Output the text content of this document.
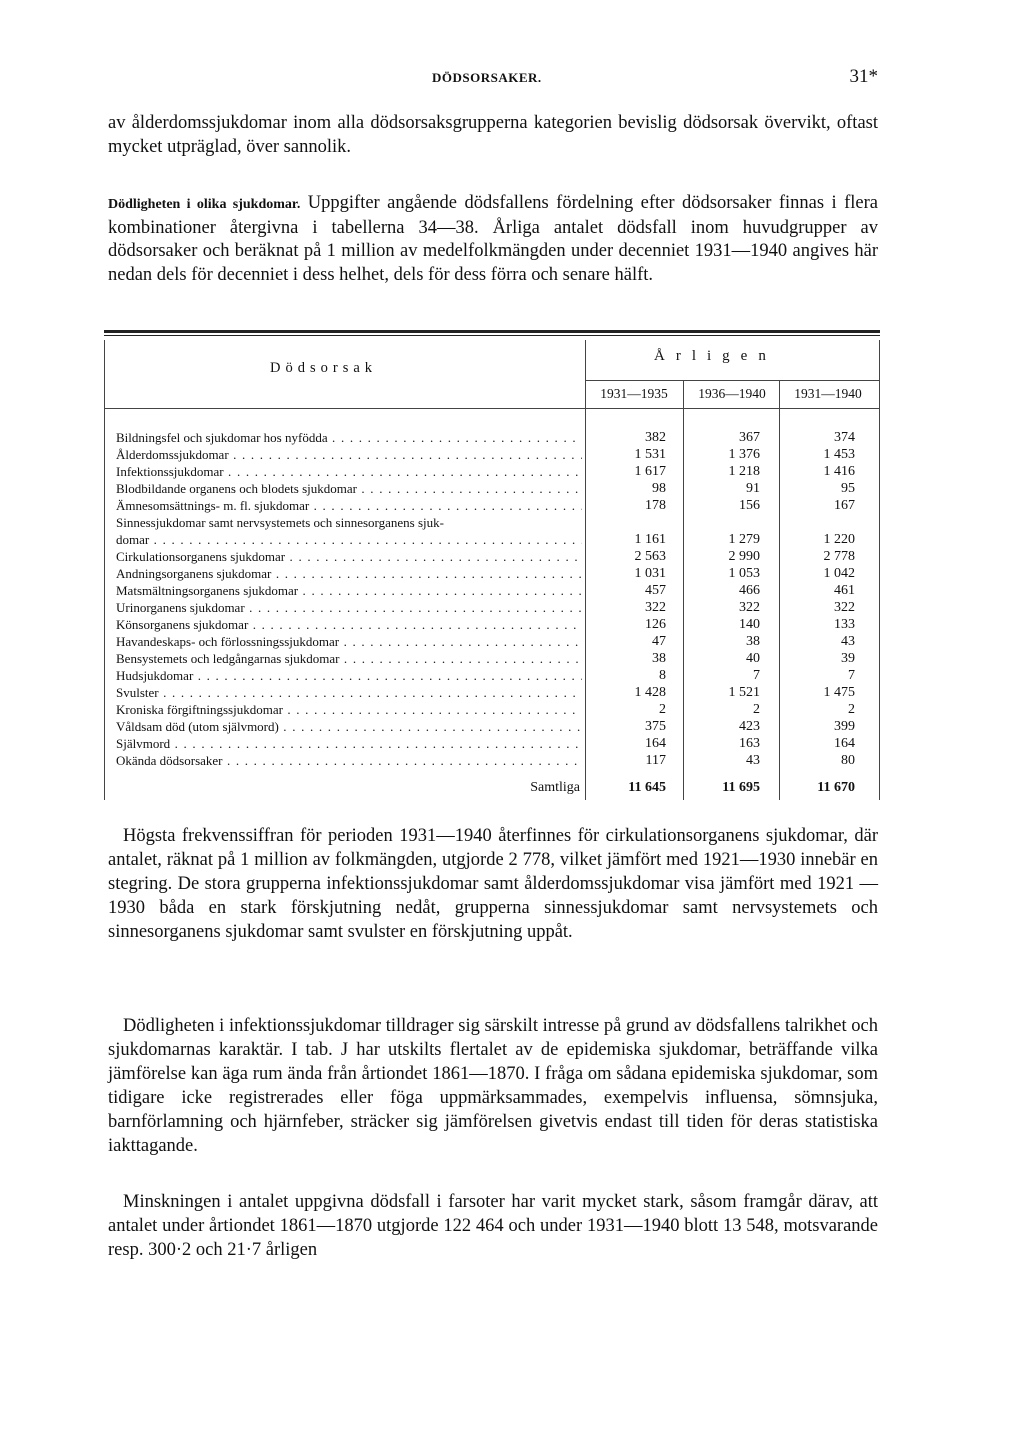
DÖDSORSAKER.	31*

av ålderdomssjukdomar inom alla dödsorsaksgrupperna kategorien bevislig dödsorsak övervikt, oftast mycket utpräglad, över sannolik.

Dödligheten i olika sjukdomar. Uppgifter angående dödsfallens fördelning efter dödsorsaker finnas i flera kombinationer återgivna i tabellerna 34—38. Årliga antalet dödsfall inom huvudgrupper av dödsorsaker och beräknat på 1 million av medelfolkmängden under decenniet 1931—1940 angives här nedan dels för decenniet i dess helhet, dels för dess förra och senare hälft.

Dödsorsak
Årligen
1931—1935	1936—1940	1931—1940
Bildningsfel och sjukdomar hos nyfödda . . .	382	367	374
Ålderdomssjukdomar . . .	1 531	1 376	1 453
Infektionssjukdomar . . .	1 617	1 218	1 416
Blodbildande organens och blodets sjukdomar . . .	98	91	95
Ämnesomsättnings- m. fl. sjukdomar . . .	178	156	167
Sinnessjukdomar samt nervsystemets och sinnesorganens sjuk-
domar . . .	1 161	1 279	1 220
Cirkulationsorganens sjukdomar . . .	2 563	2 990	2 778
Andningsorganens sjukdomar . . .	1 031	1 053	1 042
Matsmältningsorganens sjukdomar . . .	457	466	461
Urinorganens sjukdomar . . .	322	322	322
Könsorganens sjukdomar . . .	126	140	133
Havandeskaps- och förlossningssjukdomar . . .	47	38	43
Bensystemets och ledgångarnas sjukdomar . . .	38	40	39
Hudsjukdomar . . .	8	7	7
Svulster . . .	1 428	1 521	1 475
Kroniska förgiftningssjukdomar . . .	2	2	2
Våldsam död (utom självmord) . . .	375	423	399
Självmord . . .	164	163	164
Okända dödsorsaker . . .	117	43	80
Samtliga	11 645	11 695	11 670

Högsta frekvenssiffran för perioden 1931—1940 återfinnes för cirkulationsorganens sjukdomar, där antalet, räknat på 1 million av folkmängden, utgjorde 2 778, vilket jämfört med 1921—1930 innebär en stegring. De stora grupperna infektionssjukdomar samt ålderdomssjukdomar visa jämfört med 1921 —1930 båda en stark förskjutning nedåt, grupperna sinnessjukdomar samt nervsystemets och sinnesorganens sjukdomar samt svulster en förskjutning uppåt.

Dödligheten i infektionssjukdomar tilldrager sig särskilt intresse på grund av dödsfallens talrikhet och sjukdomarnas karaktär. I tab. J har utskilts flertalet av de epidemiska sjukdomar, beträffande vilka jämförelse kan äga rum ända från årtiondet 1861—1870. I fråga om sådana epidemiska sjukdomar, som tidigare icke registrerades eller föga uppmärksammades, exempelvis influensa, sömnsjuka, barnförlamning och hjärnfeber, sträcker sig jämförelsen givetvis endast till tiden för deras statistiska iakttagande.

Minskningen i antalet uppgivna dödsfall i farsoter har varit mycket stark, såsom framgår därav, att antalet under årtiondet 1861—1870 utgjorde 122 464 och under 1931—1940 blott 13 548, motsvarande resp. 300·2 och 21·7 årligen
